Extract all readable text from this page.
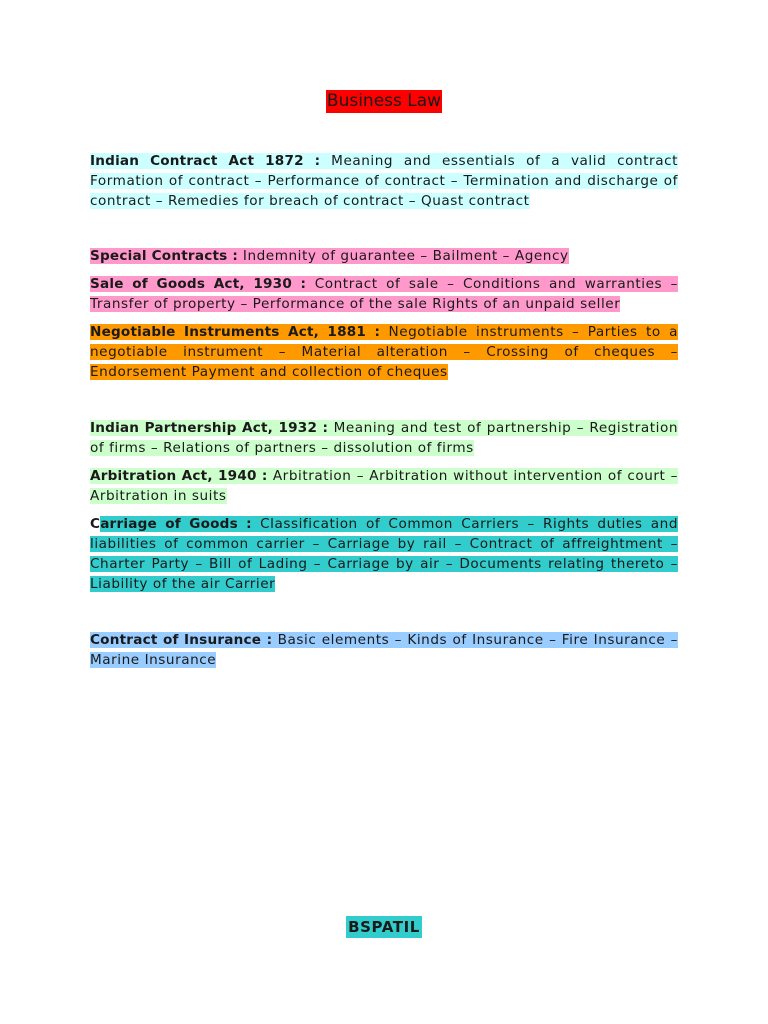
Business Law
Indian Contract Act 1872 : Meaning and essentials of a valid contract Formation of contract – Performance of contract – Termination and discharge of contract – Remedies for breach of contract – Quast contract
Special Contracts : Indemnity of guarantee – Bailment – Agency
Sale of Goods Act, 1930 : Contract of sale – Conditions and warranties – Transfer of property – Performance of the sale Rights of an unpaid seller
Negotiable Instruments Act, 1881 : Negotiable instruments – Parties to a negotiable instrument – Material alteration – Crossing of cheques – Endorsement Payment and collection of cheques
Indian Partnership Act, 1932 : Meaning and test of partnership – Registration of firms – Relations of partners – dissolution of firms
Arbitration Act, 1940 : Arbitration – Arbitration without intervention of court – Arbitration in suits
Carriage of Goods : Classification of Common Carriers – Rights duties and liabilities of common carrier – Carriage by rail – Contract of affreightment – Charter Party – Bill of Lading – Carriage by air – Documents relating thereto – Liability of the air Carrier
Contract of Insurance : Basic elements – Kinds of Insurance – Fire Insurance – Marine Insurance
BSPATIL
